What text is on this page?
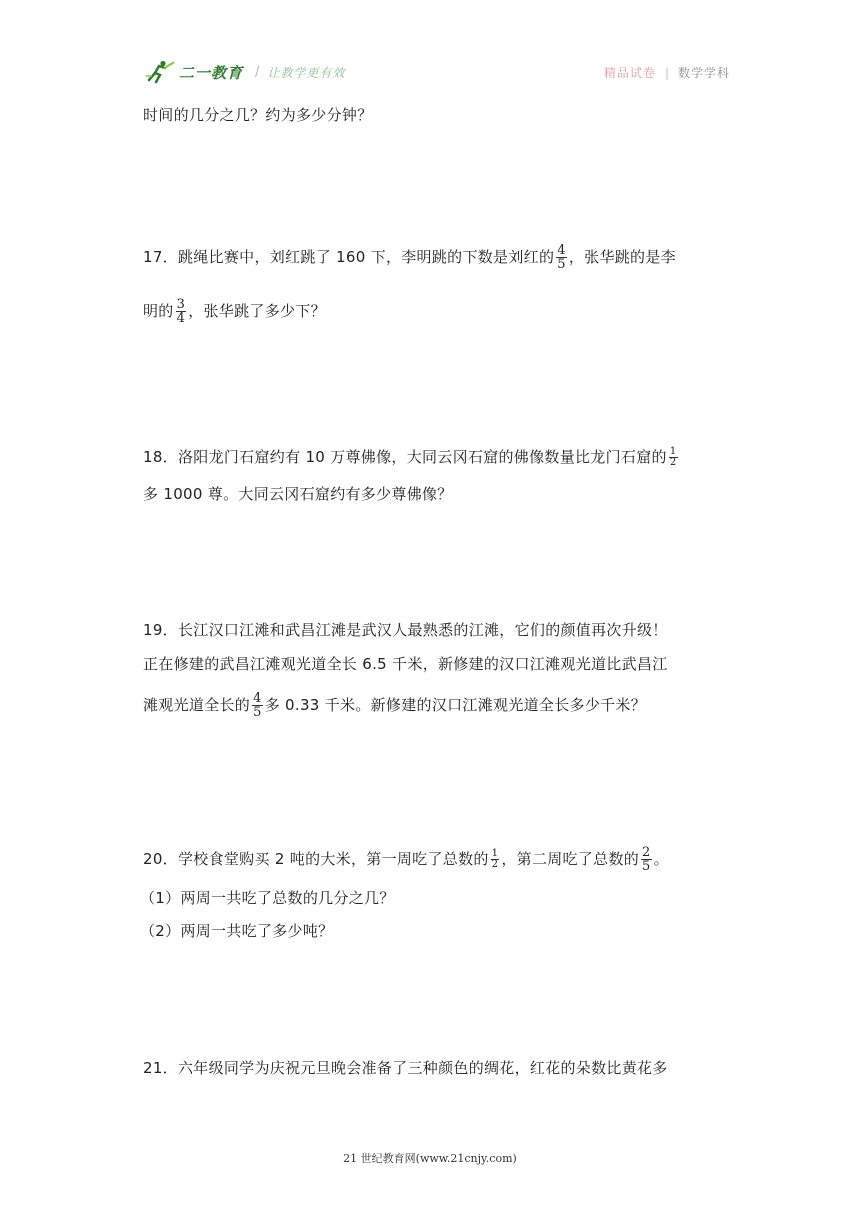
二一教育 / 让教学更有效	精品试卷 | 数学学科
时间的几分之几？约为多少分钟？
17．跳绳比赛中，刘红跳了 160 下，李明跳的下数是刘红的 $\frac{4}{5}$ ，张华跳的是李
明的 $\frac{3}{4}$ ，张华跳了多少下？
18．洛阳龙门石窟约有 10 万尊佛像，大同云冈石窟的佛像数量比龙门石窟的 $\frac{1}{2}$
多 1000 尊。大同云冈石窟约有多少尊佛像？
19．长江汉口江滩和武昌江滩是武汉人最熟悉的江滩，它们的颜值再次升级！
正在修建的武昌江滩观光道全长 6.5 千米，新修建的汉口江滩观光道比武昌江
滩观光道全长的 $\frac{4}{5}$ 多 0.33 千米。新修建的汉口江滩观光道全长多少千米？
20．学校食堂购买 2 吨的大米，第一周吃了总数的 $\frac{1}{2}$ ，第二周吃了总数的 $\frac{2}{5}$ 。
（1）两周一共吃了总数的几分之几？
（2）两周一共吃了多少吨？
21．六年级同学为庆祝元旦晚会准备了三种颜色的绸花，红花的朵数比黄花多
21 世纪教育网(www.21cnjy.com)
